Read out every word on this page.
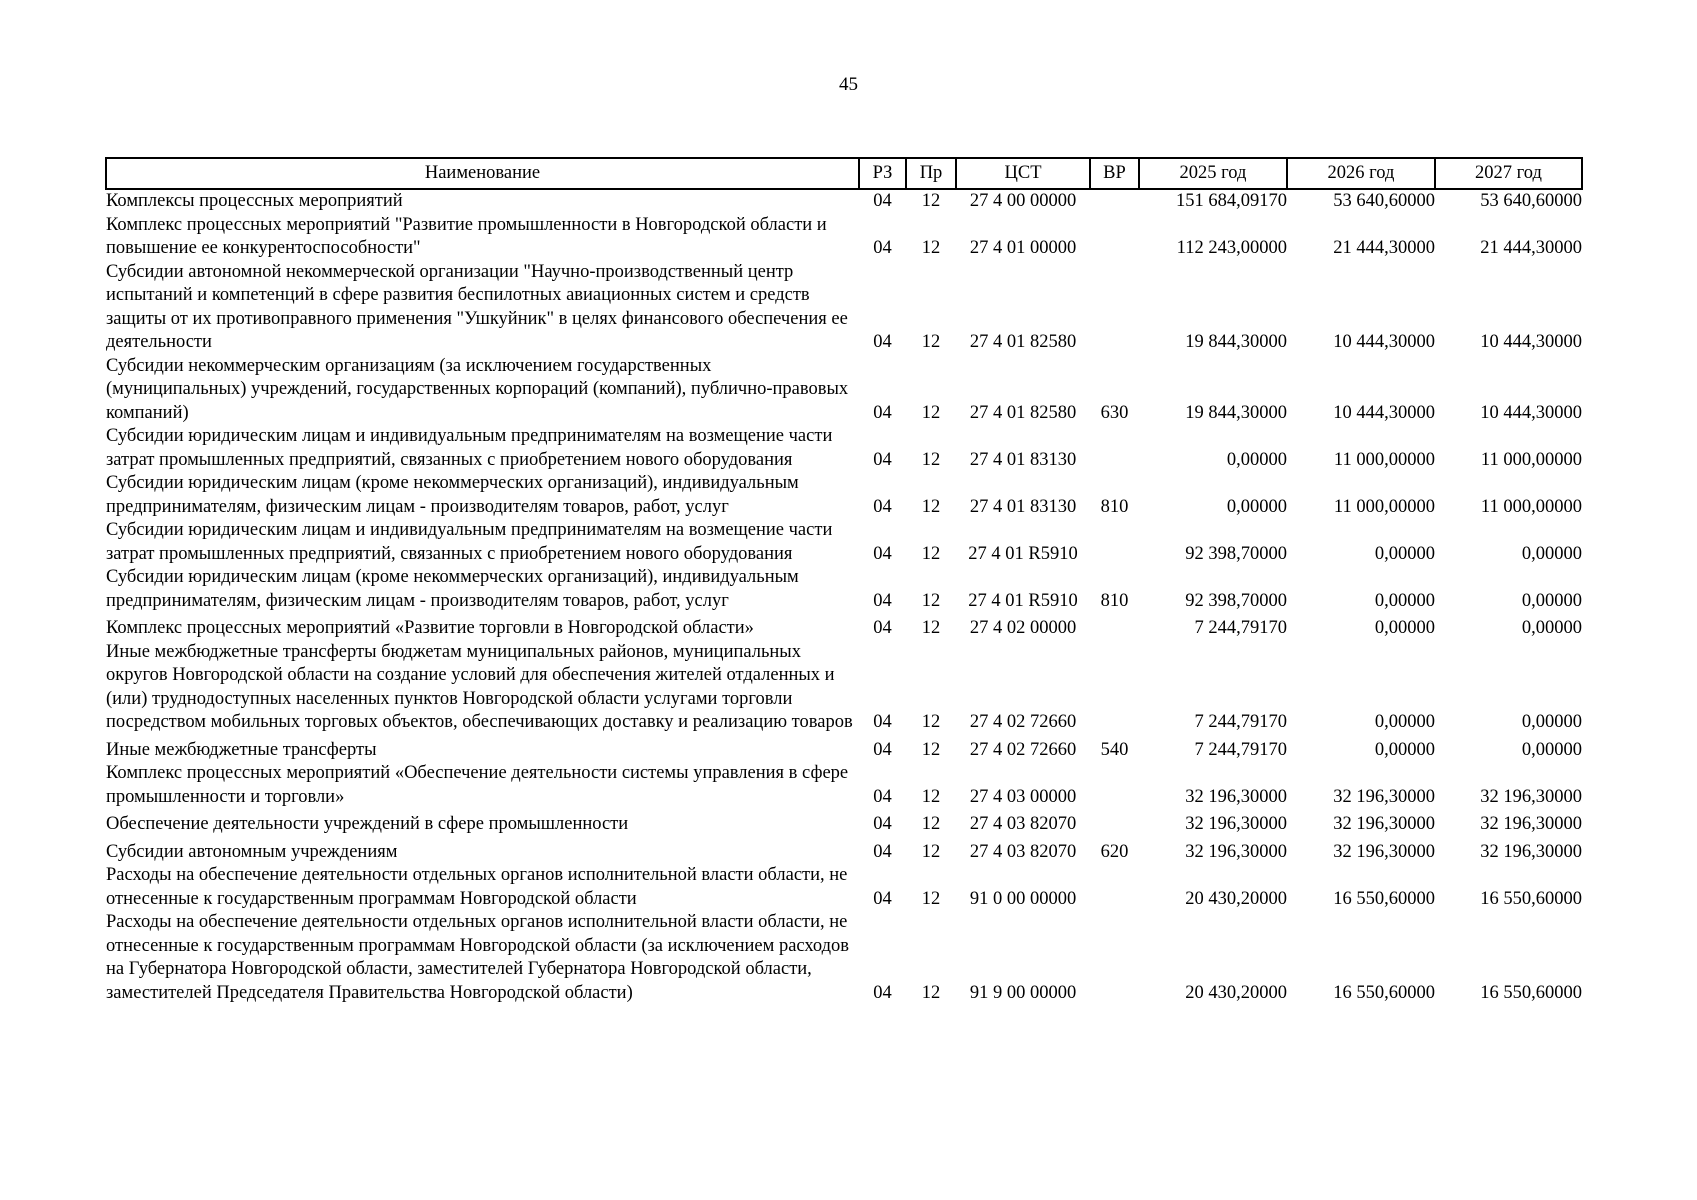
45
Наименование	РЗ	Пр	ЦСТ	ВР	2025 год	2026 год	2027 год
Комплексы процессных мероприятий	04	12	27 4 00 00000		151 684,09170	53 640,60000	53 640,60000
Комплекс процессных мероприятий "Развитие промышленности в Новгородской области и повышение ее конкурентоспособности"	04	12	27 4 01 00000		112 243,00000	21 444,30000	21 444,30000
Субсидии автономной некоммерческой организации "Научно-производственный центр испытаний и компетенций в сфере развития беспилотных авиационных систем и средств защиты от их противоправного применения "Ушкуйник" в целях финансового обеспечения ее деятельности	04	12	27 4 01 82580		19 844,30000	10 444,30000	10 444,30000
Субсидии некоммерческим организациям (за исключением государственных (муниципальных) учреждений, государственных корпораций (компаний), публично-правовых компаний)	04	12	27 4 01 82580	630	19 844,30000	10 444,30000	10 444,30000
Субсидии юридическим лицам и индивидуальным предпринимателям на возмещение части затрат промышленных предприятий, связанных с приобретением нового оборудования	04	12	27 4 01 83130		0,00000	11 000,00000	11 000,00000
Субсидии юридическим лицам (кроме некоммерческих организаций), индивидуальным предпринимателям, физическим лицам - производителям товаров, работ, услуг	04	12	27 4 01 83130	810	0,00000	11 000,00000	11 000,00000
Субсидии юридическим лицам и индивидуальным предпринимателям на возмещение части затрат промышленных предприятий, связанных с приобретением нового оборудования	04	12	27 4 01 R5910		92 398,70000	0,00000	0,00000
Субсидии юридическим лицам (кроме некоммерческих организаций), индивидуальным предпринимателям, физическим лицам - производителям товаров, работ, услуг	04	12	27 4 01 R5910	810	92 398,70000	0,00000	0,00000
Комплекс процессных мероприятий «Развитие торговли в Новгородской области»	04	12	27 4 02 00000		7 244,79170	0,00000	0,00000
Иные межбюджетные трансферты бюджетам муниципальных районов, муниципальных округов Новгородской области на создание условий для обеспечения жителей отдаленных и (или) труднодоступных населенных пунктов Новгородской области услугами торговли посредством мобильных торговых объектов, обеспечивающих доставку и реализацию товаров	04	12	27 4 02 72660		7 244,79170	0,00000	0,00000
Иные межбюджетные трансферты	04	12	27 4 02 72660	540	7 244,79170	0,00000	0,00000
Комплекс процессных мероприятий «Обеспечение деятельности системы управления в сфере промышленности и торговли»	04	12	27 4 03 00000		32 196,30000	32 196,30000	32 196,30000
Обеспечение деятельности учреждений в сфере промышленности	04	12	27 4 03 82070		32 196,30000	32 196,30000	32 196,30000
Субсидии автономным учреждениям	04	12	27 4 03 82070	620	32 196,30000	32 196,30000	32 196,30000
Расходы на обеспечение деятельности отдельных органов исполнительной власти области, не отнесенные к государственным программам Новгородской области	04	12	91 0 00 00000		20 430,20000	16 550,60000	16 550,60000
Расходы на обеспечение деятельности отдельных органов исполнительной власти области, не отнесенные к государственным программам Новгородской области (за исключением расходов на Губернатора Новгородской области, заместителей Губернатора Новгородской области, заместителей Председателя Правительства Новгородской области)	04	12	91 9 00 00000		20 430,20000	16 550,60000	16 550,60000
